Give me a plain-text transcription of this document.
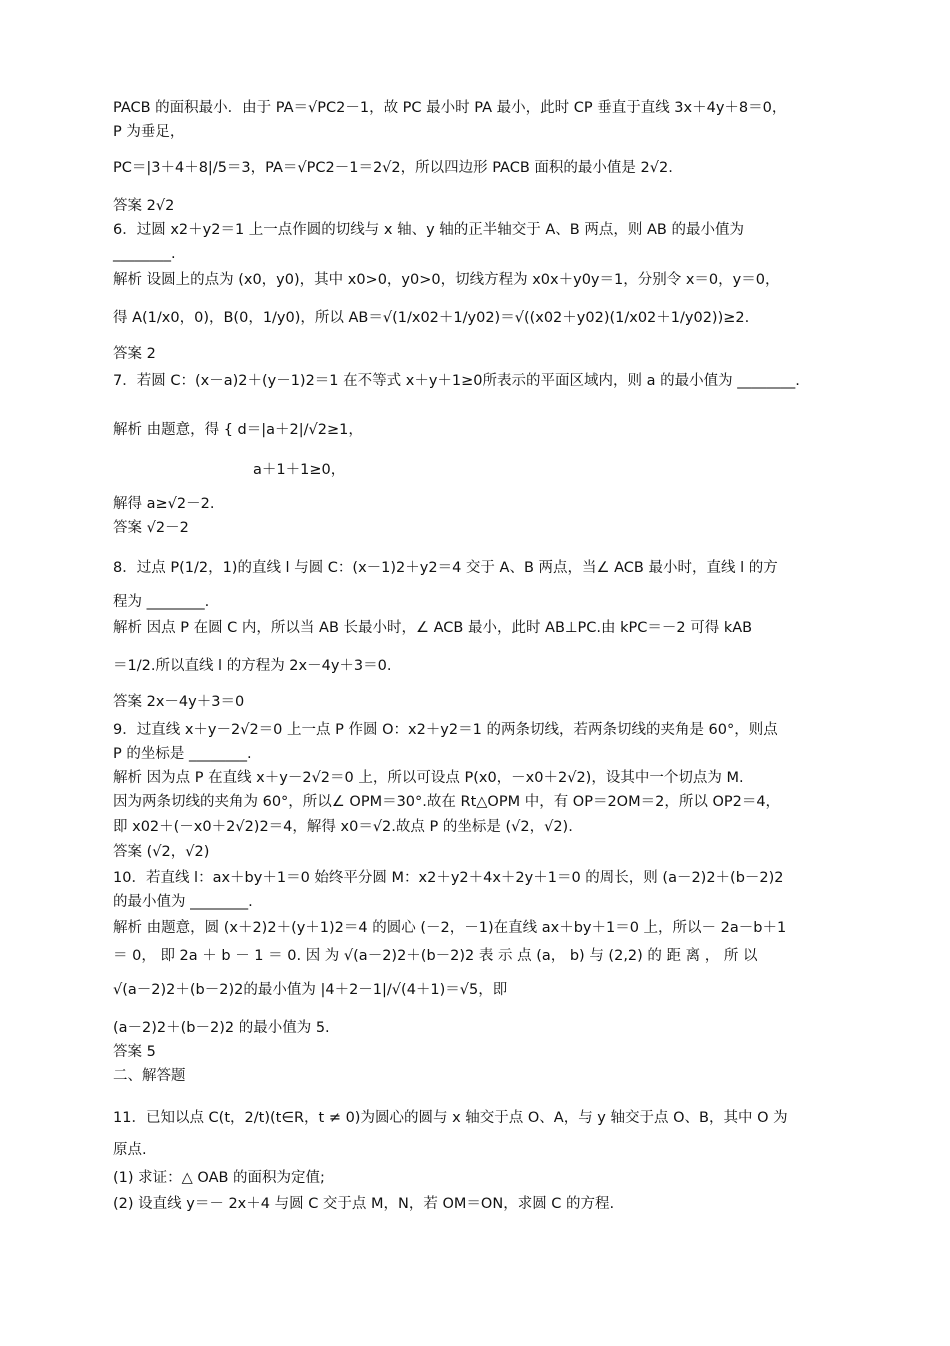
PACB 的面积最小．由于 PA＝√PC2－1，故 PC 最小时 PA 最小，此时 CP 垂直于直线 3x＋4y＋8＝0，
P 为垂足，
PC＝|3＋4＋8|/5＝3，PA＝√PC2－1＝2√2，所以四边形 PACB 面积的最小值是 2√2.
答案 2√2
6．过圆 x2＋y2＝1 上一点作圆的切线与 x 轴、y 轴的正半轴交于 A、B 两点，则 AB 的最小值为
________.
解析 设圆上的点为 (x0，y0)，其中 x0>0，y0>0，切线方程为 x0x＋y0y＝1，分别令 x＝0，y＝0，
得 A(1/x0，0)，B(0，1/y0)，所以 AB＝√(1/x02＋1/y02)＝√((x02＋y02)(1/x02＋1/y02))≥2.
答案 2
7．若圆 C：(x－a)2＋(y－1)2＝1 在不等式 x＋y＋1≥0所表示的平面区域内，则 a 的最小值为 ________.
解析 由题意，得 { d＝|a＋2|/√2≥1，
a＋1＋1≥0，
解得 a≥√2－2.
答案 √2－2
8．过点 P(1/2，1)的直线 l 与圆 C：(x－1)2＋y2＝4 交于 A、B 两点，当∠ ACB 最小时，直线 l 的方
程为 ________.
解析 因点 P 在圆 C 内，所以当 AB 长最小时，∠ ACB 最小，此时 AB⊥PC.由 kPC＝－2 可得 kAB
＝1/2.所以直线 l 的方程为 2x－4y＋3＝0.
答案 2x－4y＋3＝0
9．过直线 x＋y－2√2＝0 上一点 P 作圆 O：x2＋y2＝1 的两条切线，若两条切线的夹角是 60°，则点
P 的坐标是 ________.
解析 因为点 P 在直线 x＋y－2√2＝0 上，所以可设点 P(x0，－x0＋2√2)，设其中一个切点为 M.
因为两条切线的夹角为 60°，所以∠ OPM＝30°.故在 Rt△OPM 中，有 OP＝2OM＝2，所以 OP2＝4，
即 x02＋(－x0＋2√2)2＝4，解得 x0＝√2.故点 P 的坐标是 (√2，√2).
答案 (√2，√2)
10．若直线 l：ax＋by＋1＝0 始终平分圆 M：x2＋y2＋4x＋2y＋1＝0 的周长，则 (a－2)2＋(b－2)2
的最小值为 ________.
解析 由题意，圆 (x＋2)2＋(y＋1)2＝4 的圆心 (－2，－1)在直线 ax＋by＋1＝0 上，所以－ 2a－b＋1
＝ 0， 即 2a ＋ b － 1 ＝ 0. 因 为 √(a－2)2＋(b－2)2 表 示 点 (a， b) 与 (2,2) 的 距 离 ， 所 以
√(a－2)2＋(b－2)2的最小值为 |4＋2－1|/√(4＋1)＝√5，即
(a－2)2＋(b－2)2 的最小值为 5.
答案 5
二、解答题
11．已知以点 C(t，2/t)(t∈R，t ≠ 0)为圆心的圆与 x 轴交于点 O、A，与 y 轴交于点 O、B，其中 O 为
原点.
(1) 求证：△ OAB 的面积为定值;
(2) 设直线 y＝－ 2x＋4 与圆 C 交于点 M，N，若 OM＝ON，求圆 C 的方程.
